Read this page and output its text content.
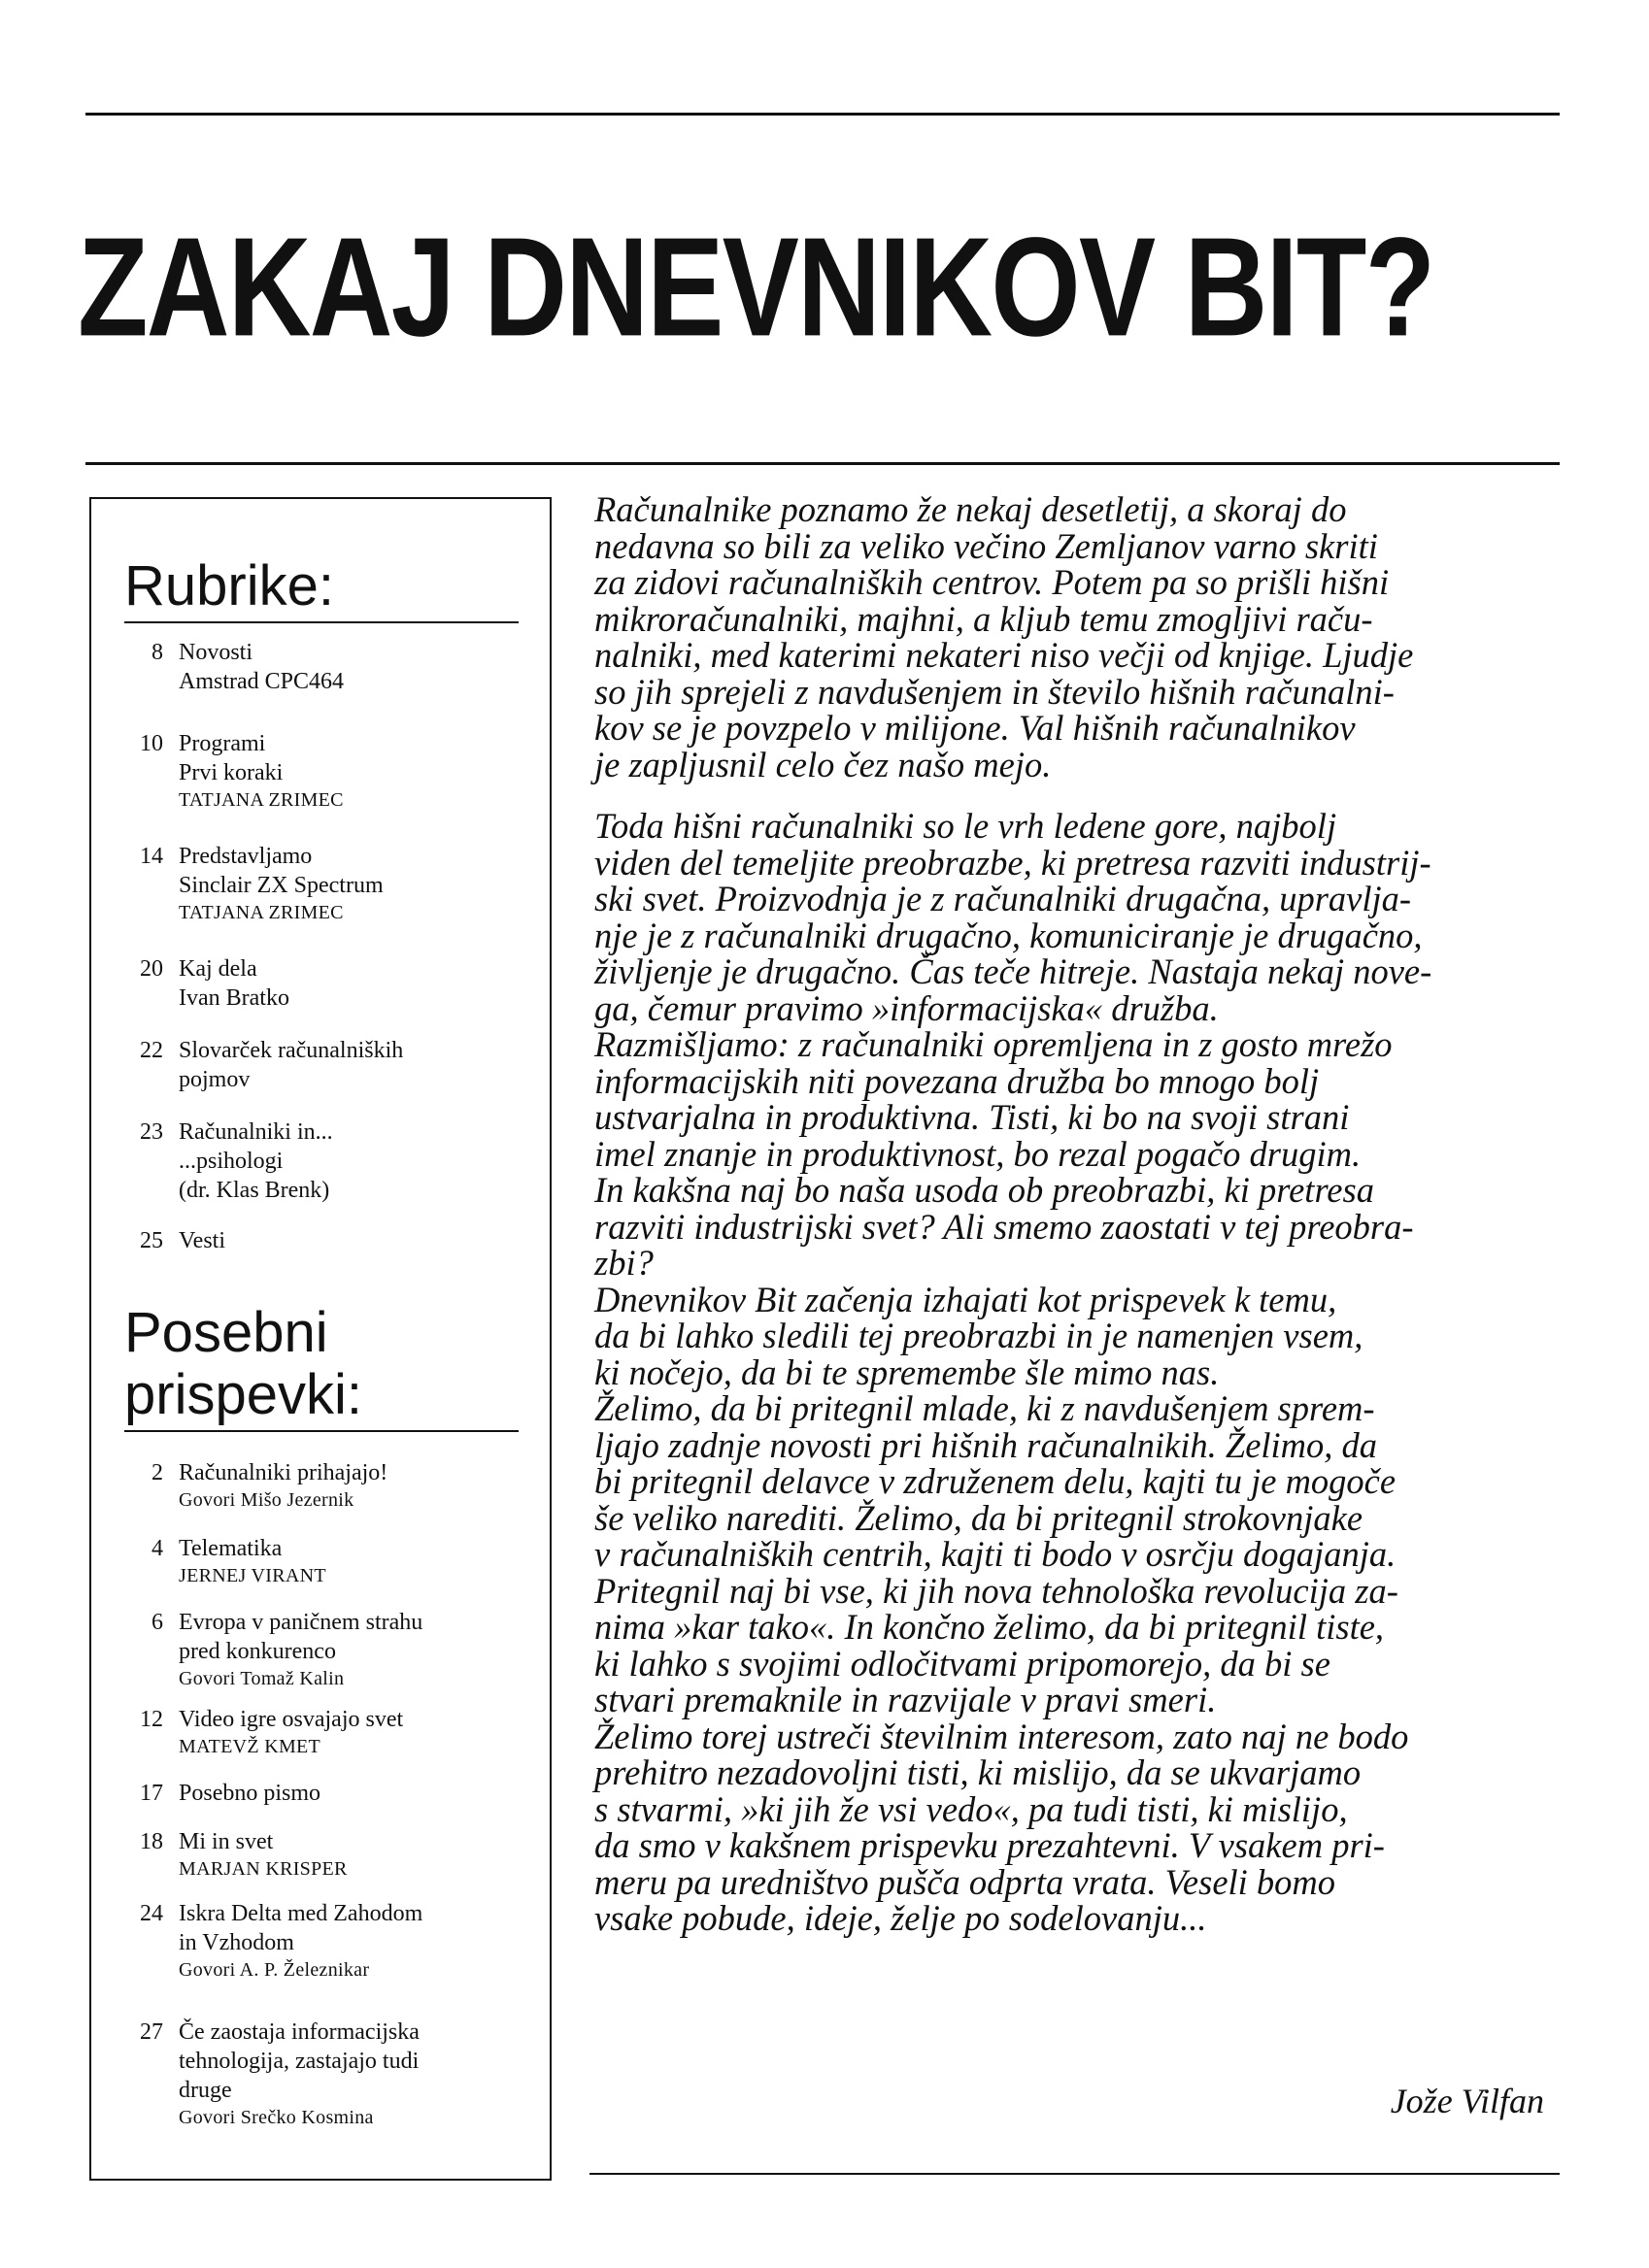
ZAKAJ DNEVNIKOV BIT?
Rubrike:
8 Novosti
Amstrad CPC464
10 Programi
Prvi koraki
TATJANA ZRIMEC
14 Predstavljamo
Sinclair ZX Spectrum
TATJANA ZRIMEC
20 Kaj dela
Ivan Bratko
22 Slovarček računalniških
pojmov
23 Računalniki in...
...psihologi
(dr. Klas Brenk)
25 Vesti
Posebni
prispevki:
2 Računalniki prihajajo!
Govori Mišo Jezernik
4 Telematika
JERNEJ VIRANT
6 Evropa v paničnem strahu
pred konkurenco
Govori Tomaž Kalin
12 Video igre osvajajo svet
MATEVŽ KMET
17 Posebno pismo
18 Mi in svet
MARJAN KRISPER
24 Iskra Delta med Zahodom
in Vzhodom
Govori A. P. Železnikar
27 Če zaostaja informacijska
tehnologija, zastajajo tudi
druge
Govori Srečko Kosmina

Računalnike poznamo že nekaj desetletij, a skoraj do
nedavna so bili za veliko večino Zemljanov varno skriti
za zidovi računalniških centrov. Potem pa so prišli hišni
mikroračunalniki, majhni, a kljub temu zmogljivi raču-
nalniki, med katerimi nekateri niso večji od knjige. Ljudje
so jih sprejeli z navdušenjem in število hišnih računalni-
kov se je povzpelo v milijone. Val hišnih računalnikov
je zapljusnil celo čez našo mejo.

Toda hišni računalniki so le vrh ledene gore, najbolj
viden del temeljite preobrazbe, ki pretresa razviti industrij-
ski svet. Proizvodnja je z računalniki drugačna, upravlja-
nje je z računalniki drugačno, komuniciranje je drugačno,
življenje je drugačno. Čas teče hitreje. Nastaja nekaj nove-
ga, čemur pravimo »informacijska« družba.
Razmišljamo: z računalniki opremljena in z gosto mrežo
informacijskih niti povezana družba bo mnogo bolj
ustvarjalna in produktivna. Tisti, ki bo na svoji strani
imel znanje in produktivnost, bo rezal pogačo drugim.
In kakšna naj bo naša usoda ob preobrazbi, ki pretresa
razviti industrijski svet? Ali smemo zaostati v tej preobra-
zbi?
Dnevnikov Bit začenja izhajati kot prispevek k temu,
da bi lahko sledili tej preobrazbi in je namenjen vsem,
ki nočejo, da bi te spremembe šle mimo nas.
Želimo, da bi pritegnil mlade, ki z navdušenjem sprem-
ljajo zadnje novosti pri hišnih računalnikih. Želimo, da
bi pritegnil delavce v združenem delu, kajti tu je mogoče
še veliko narediti. Želimo, da bi pritegnil strokovnjake
v računalniških centrih, kajti ti bodo v osrčju dogajanja.
Pritegnil naj bi vse, ki jih nova tehnološka revolucija za-
nima »kar tako«. In končno želimo, da bi pritegnil tiste,
ki lahko s svojimi odločitvami pripomorejo, da bi se
stvari premaknile in razvijale v pravi smeri.
Želimo torej ustreči številnim interesom, zato naj ne bodo
prehitro nezadovoljni tisti, ki mislijo, da se ukvarjamo
s stvarmi, »ki jih že vsi vedo«, pa tudi tisti, ki mislijo,
da smo v kakšnem prispevku prezahtevni. V vsakem pri-
meru pa uredništvo pušča odprta vrata. Veseli bomo
vsake pobude, ideje, želje po sodelovanju...

Jože Vilfan
